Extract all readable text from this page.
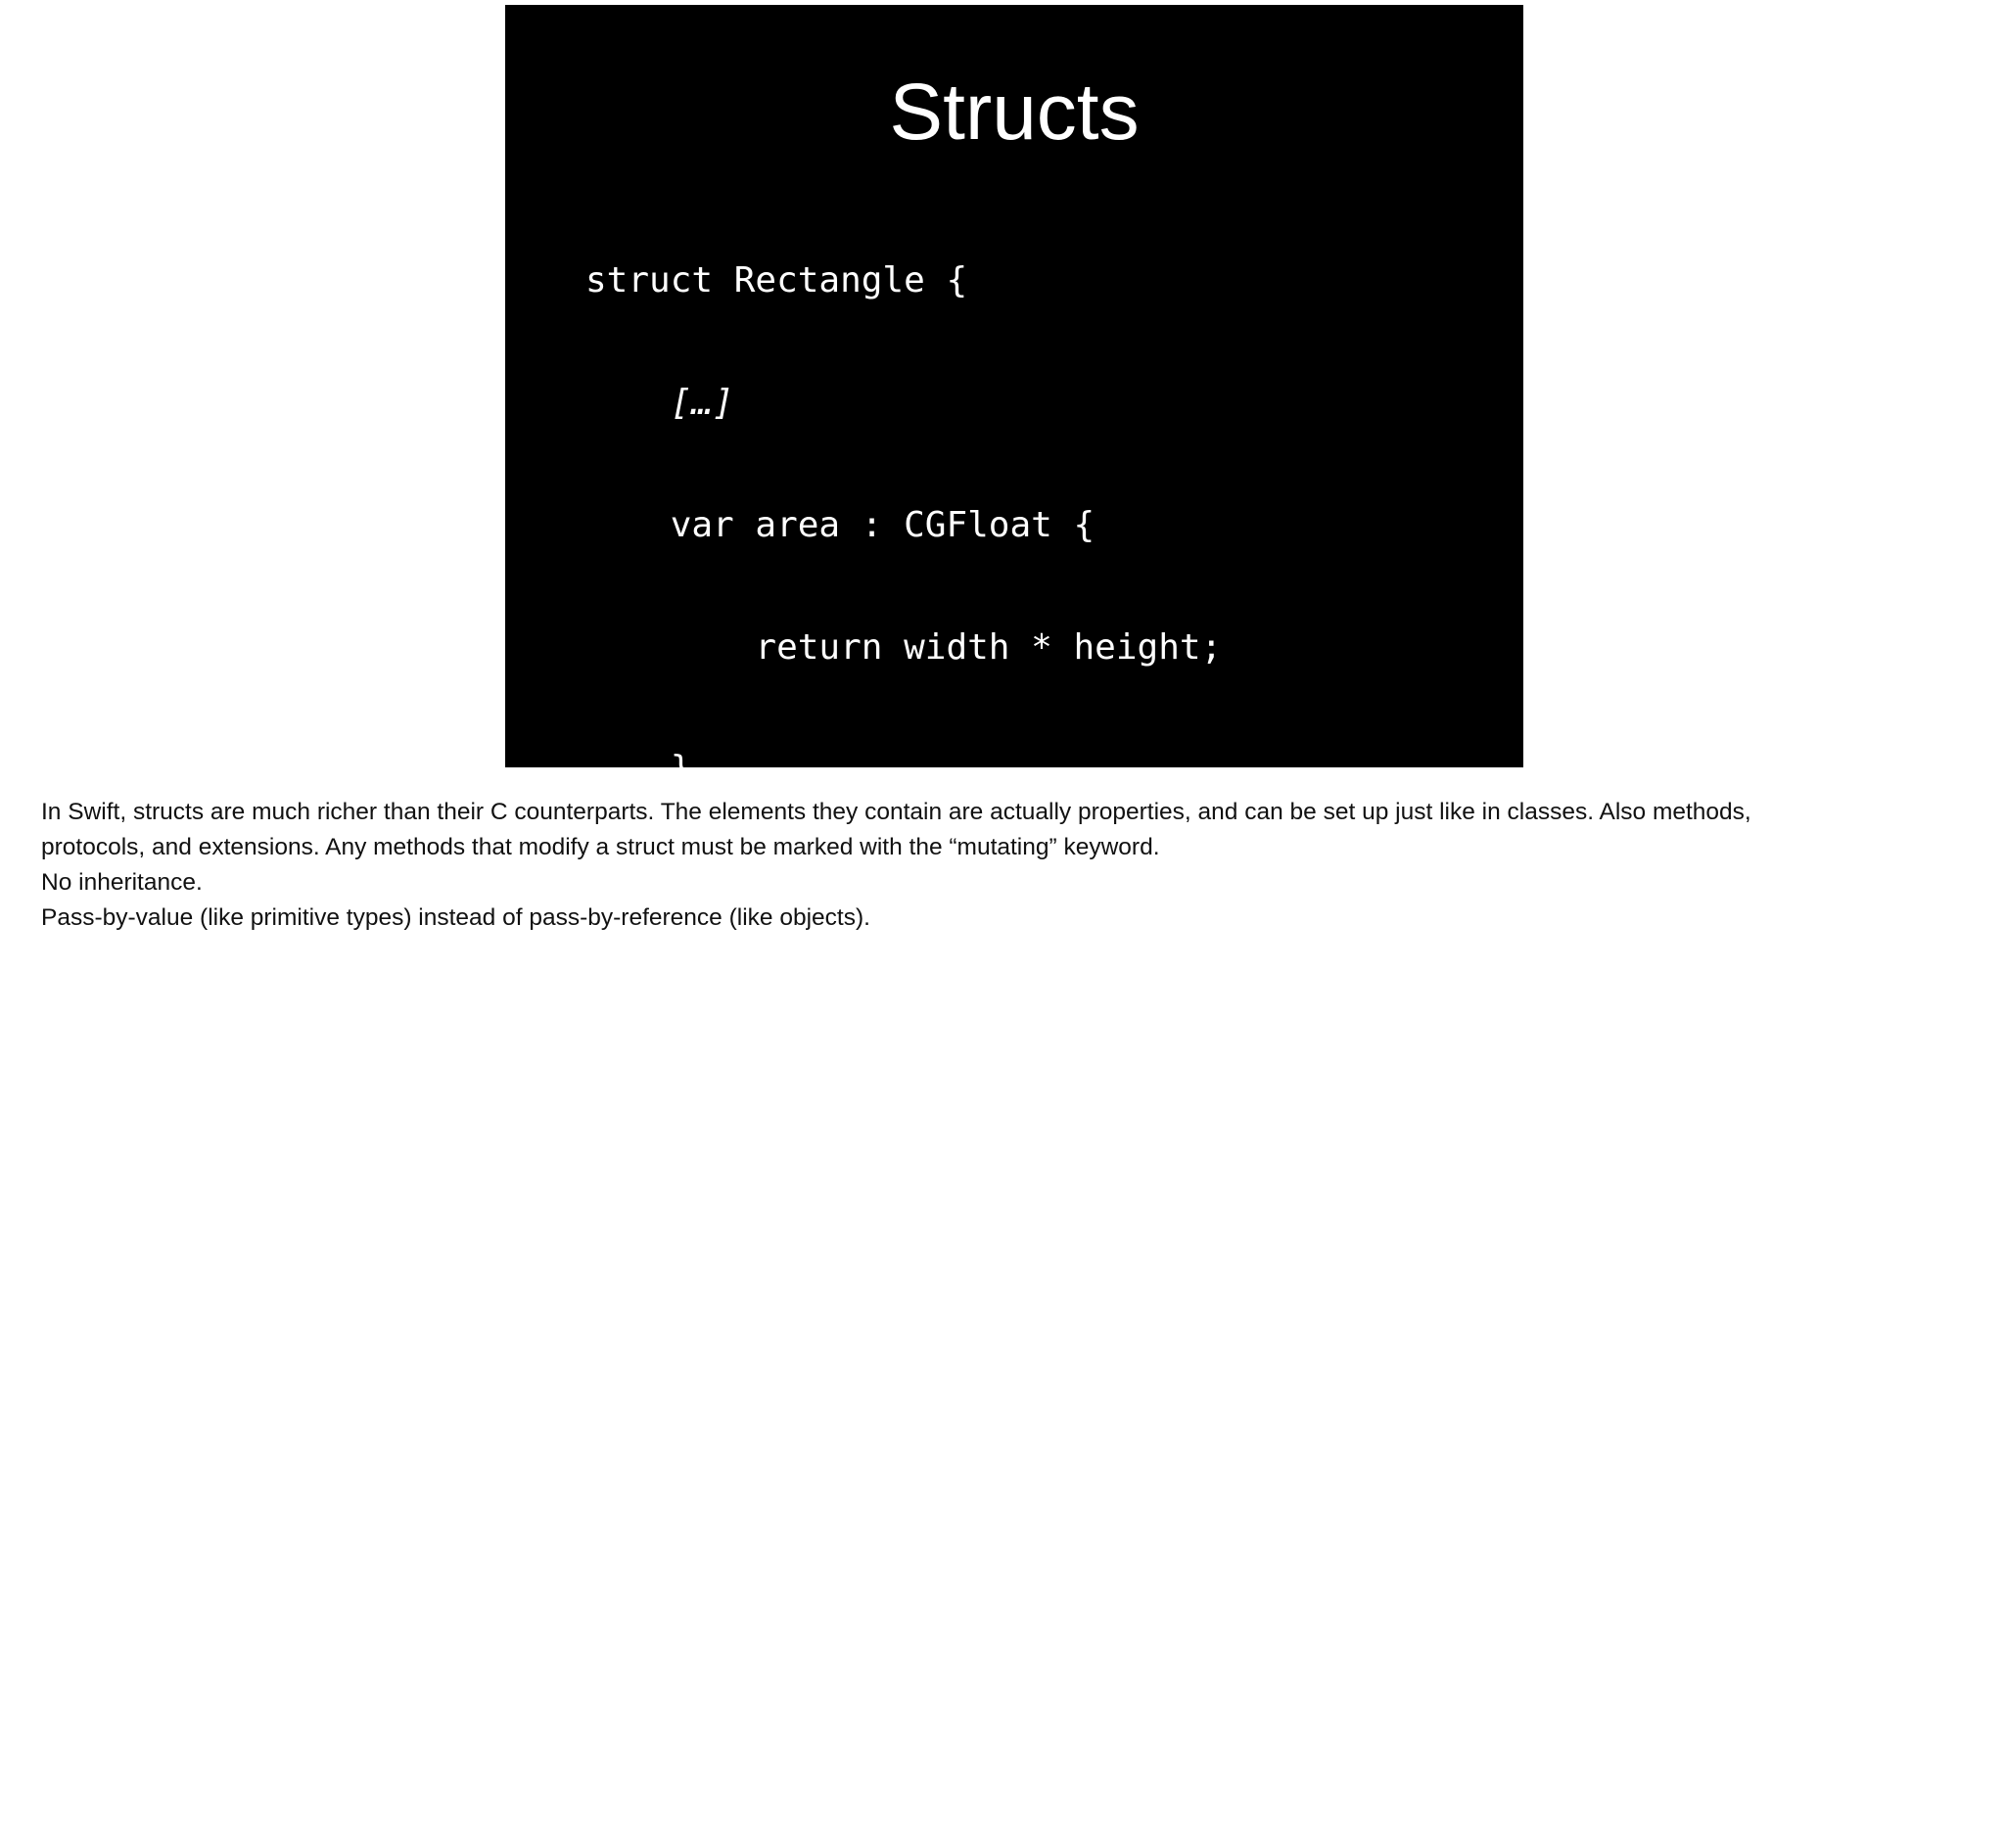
Structs

struct Rectangle {

[…]

var area : CGFloat {

return width * height;

}

mutating func shift(dx : CGFloat,

dy: CGFloat) {

x += dx

y += dy

}

}

r.shift(40, 0)

In Swift, structs are much richer than their C counterparts. The elements they contain are actually properties, and can be set up just like in classes. Also methods,
protocols, and extensions. Any methods that modify a struct must be marked with the “mutating” keyword.
No inheritance.
Pass-by-value (like primitive types) instead of pass-by-reference (like objects).
